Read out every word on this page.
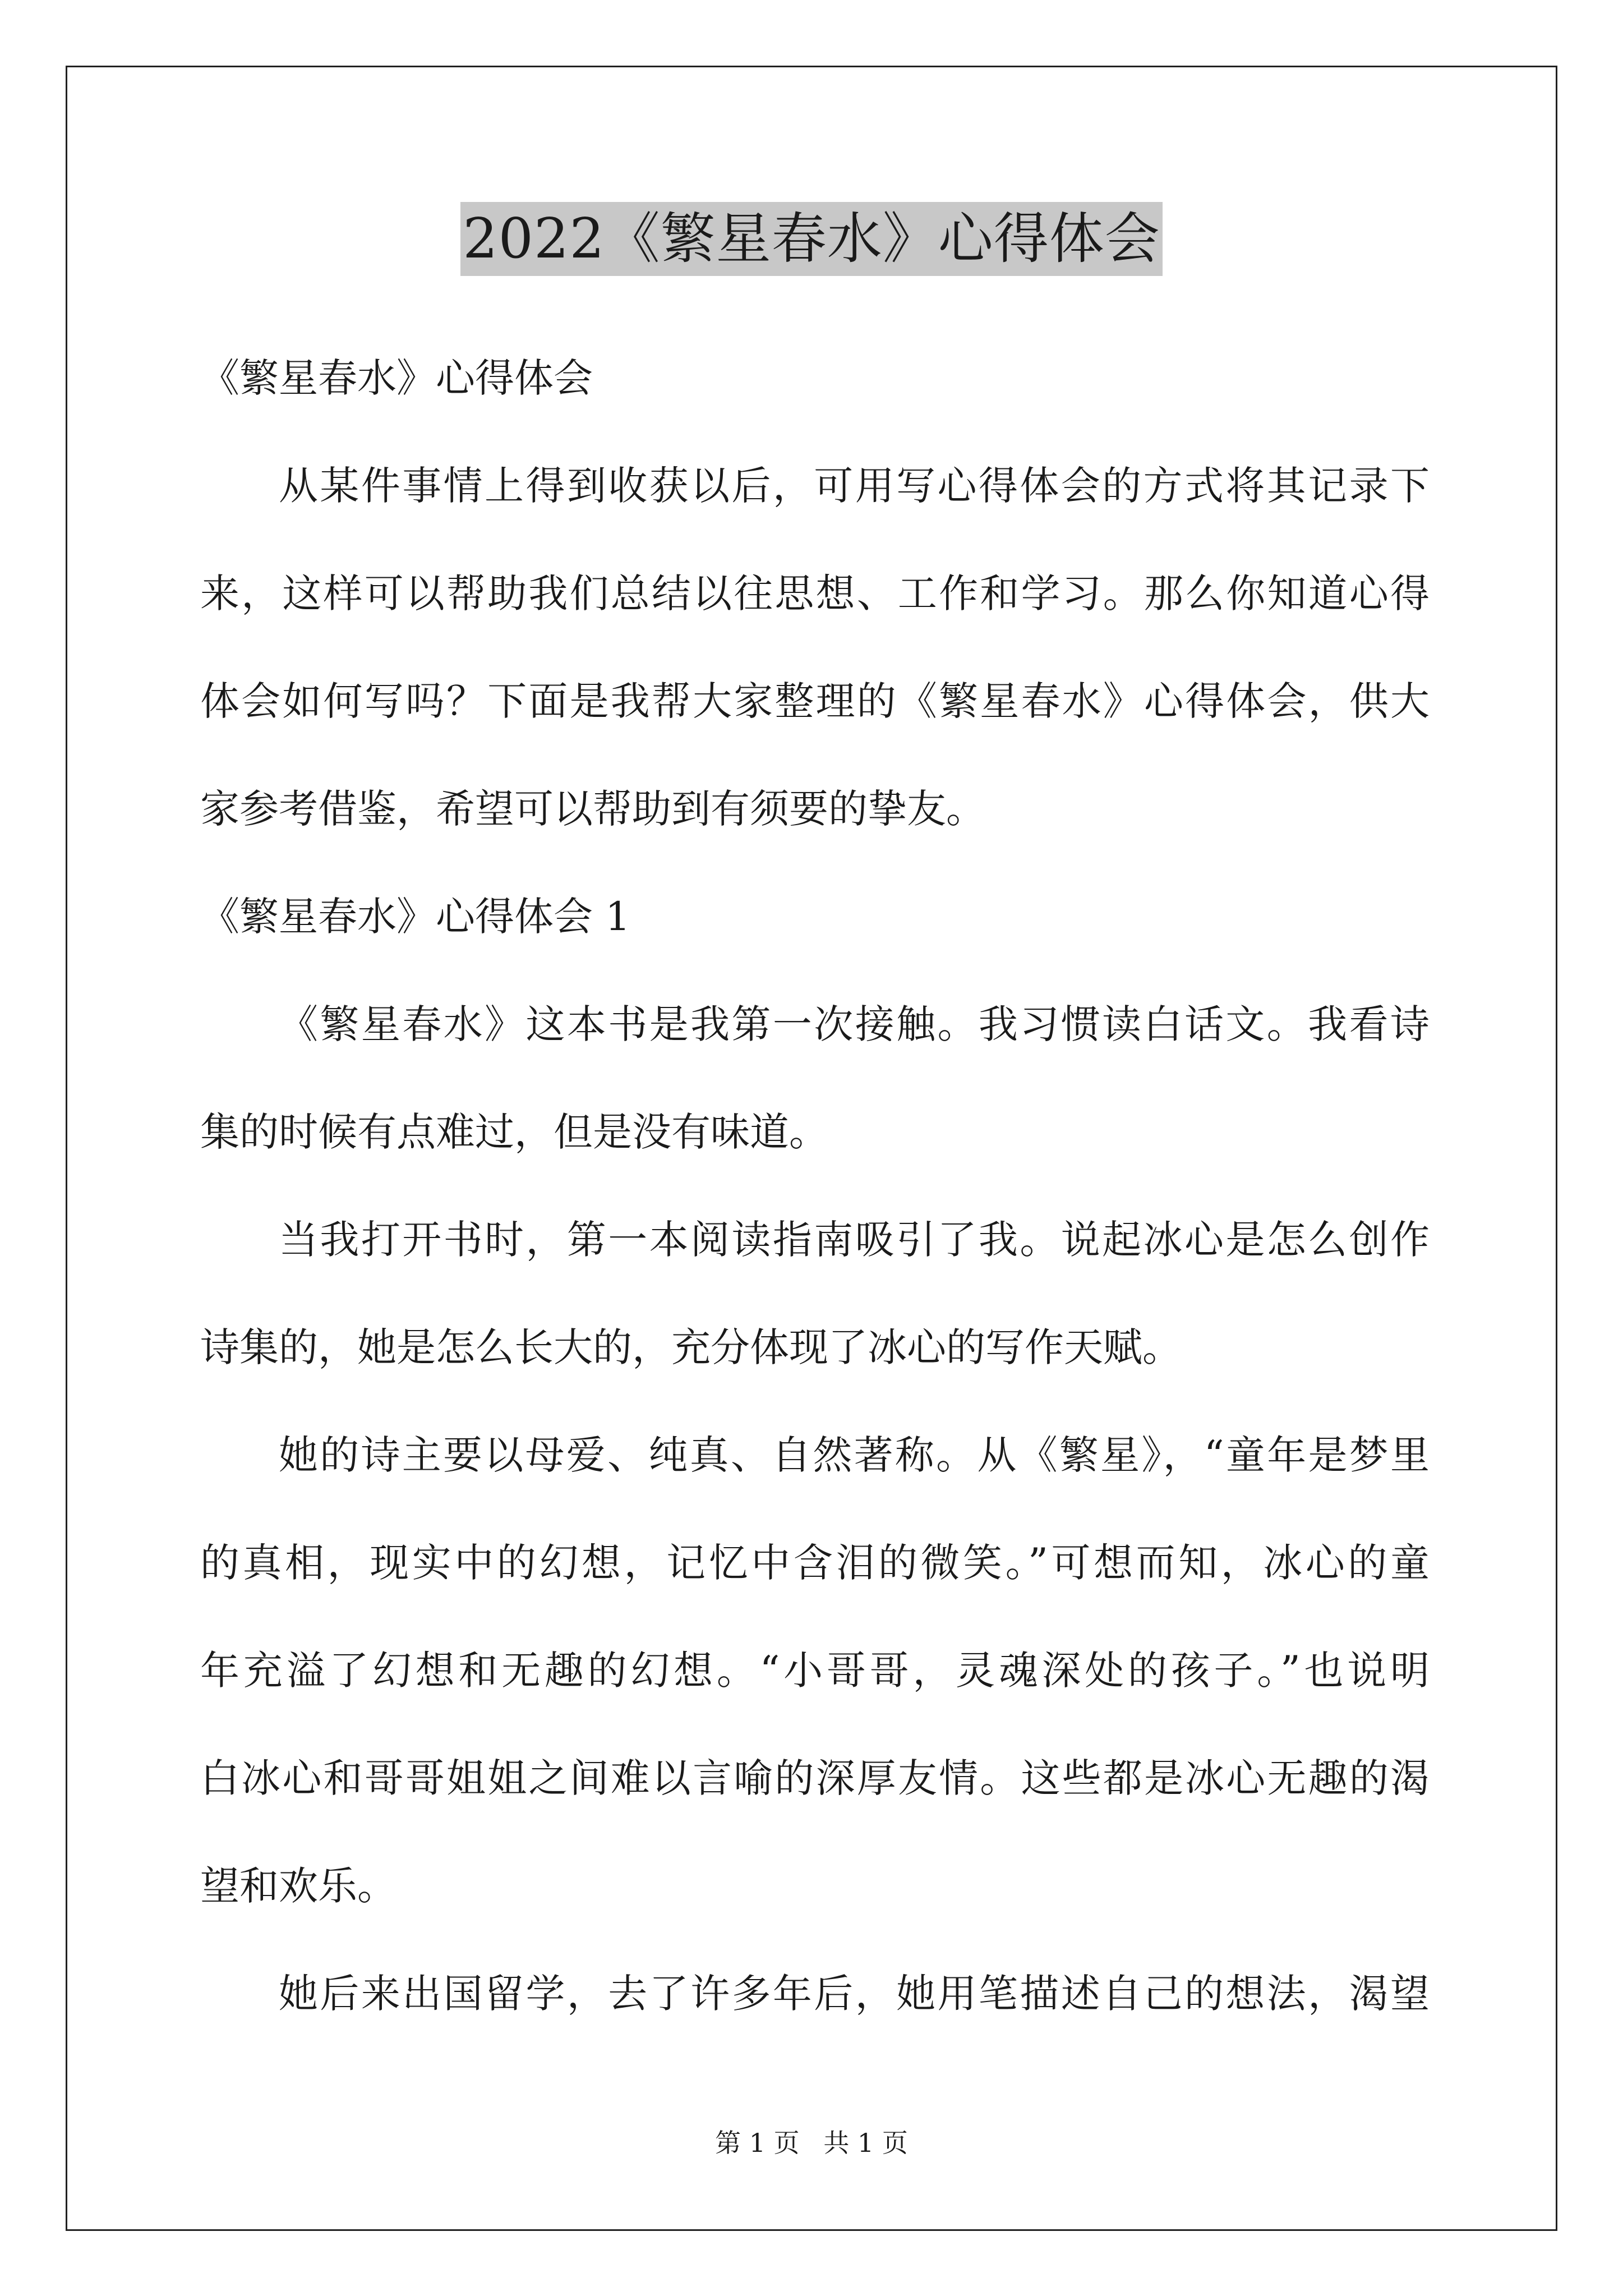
2022《繁星春水》心得体会
《繁星春水》心得体会
从某件事情上得到收获以后，可用写心得体会的方式将其记录下
来，这样可以帮助我们总结以往思想、工作和学习。那么你知道心得
体会如何写吗？下面是我帮大家整理的《繁星春水》心得体会，供大
家参考借鉴，希望可以帮助到有须要的挚友。
《繁星春水》心得体会 1
《繁星春水》这本书是我第一次接触。我习惯读白话文。我看诗
集的时候有点难过，但是没有味道。
当我打开书时，第一本阅读指南吸引了我。说起冰心是怎么创作
诗集的，她是怎么长大的，充分体现了冰心的写作天赋。
她的诗主要以母爱、纯真、自然著称。从《繁星》，“童年是梦里
的真相，现实中的幻想，记忆中含泪的微笑。”可想而知，冰心的童
年充溢了幻想和无趣的幻想。“小哥哥，灵魂深处的孩子。”也说明
白冰心和哥哥姐姐之间难以言喻的深厚友情。这些都是冰心无趣的渴
望和欢乐。
她后来出国留学，去了许多年后，她用笔描述自己的想法，渴望
第 1 页 共 1 页
